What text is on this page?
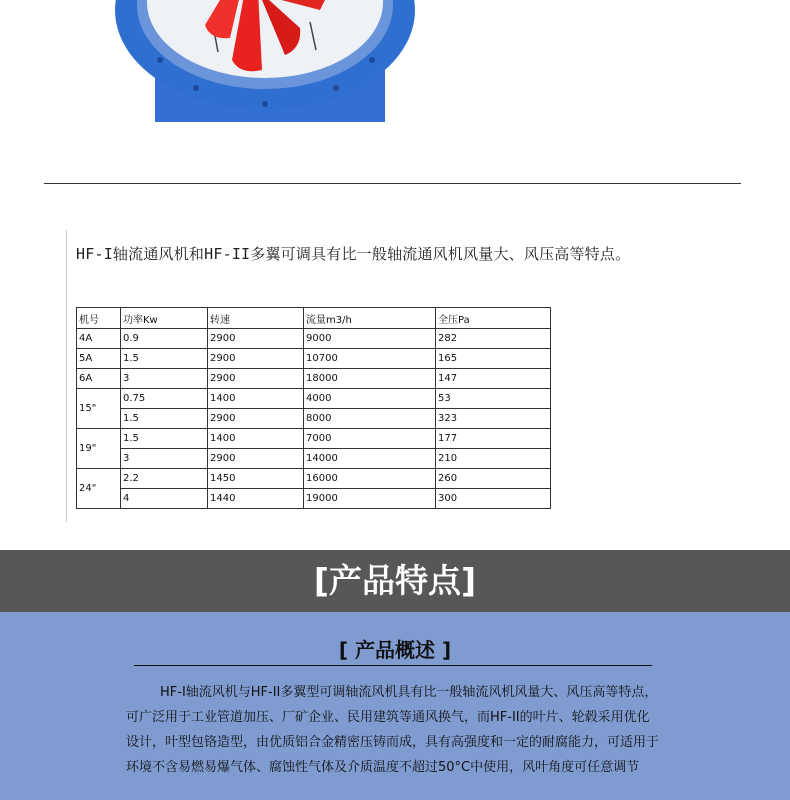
HF-I轴流通风机和HF-II多翼可调具有比一般轴流通风机风量大、风压高等特点。
机号	功率Kw	转速	流量m3/h	全压Pa
4A	0.9	2900	9000	282
5A	1.5	2900	10700	165
6A	3	2900	18000	147
15"	0.75	1400	4000	53
	1.5	2900	8000	323
19"	1.5	1400	7000	177
	3	2900	14000	210
24"	2.2	1450	16000	260
	4	1440	19000	300
[产品特点]
[ 产品概述 ]

HF-I轴流风机与HF-II多翼型可调轴流风机具有比一般轴流风机风量大、风压高等特点，可广泛用于工业管道加压、厂矿企业、民用建筑等通风换气，而HF-II的叶片、轮毂采用优化设计，叶型包铬造型，由优质铝合金精密压铸而成，具有高强度和一定的耐腐能力，可适用于环境不含易燃易爆气体、腐蚀性气体及介质温度不超过50°C中使用，风叶角度可任意调节
